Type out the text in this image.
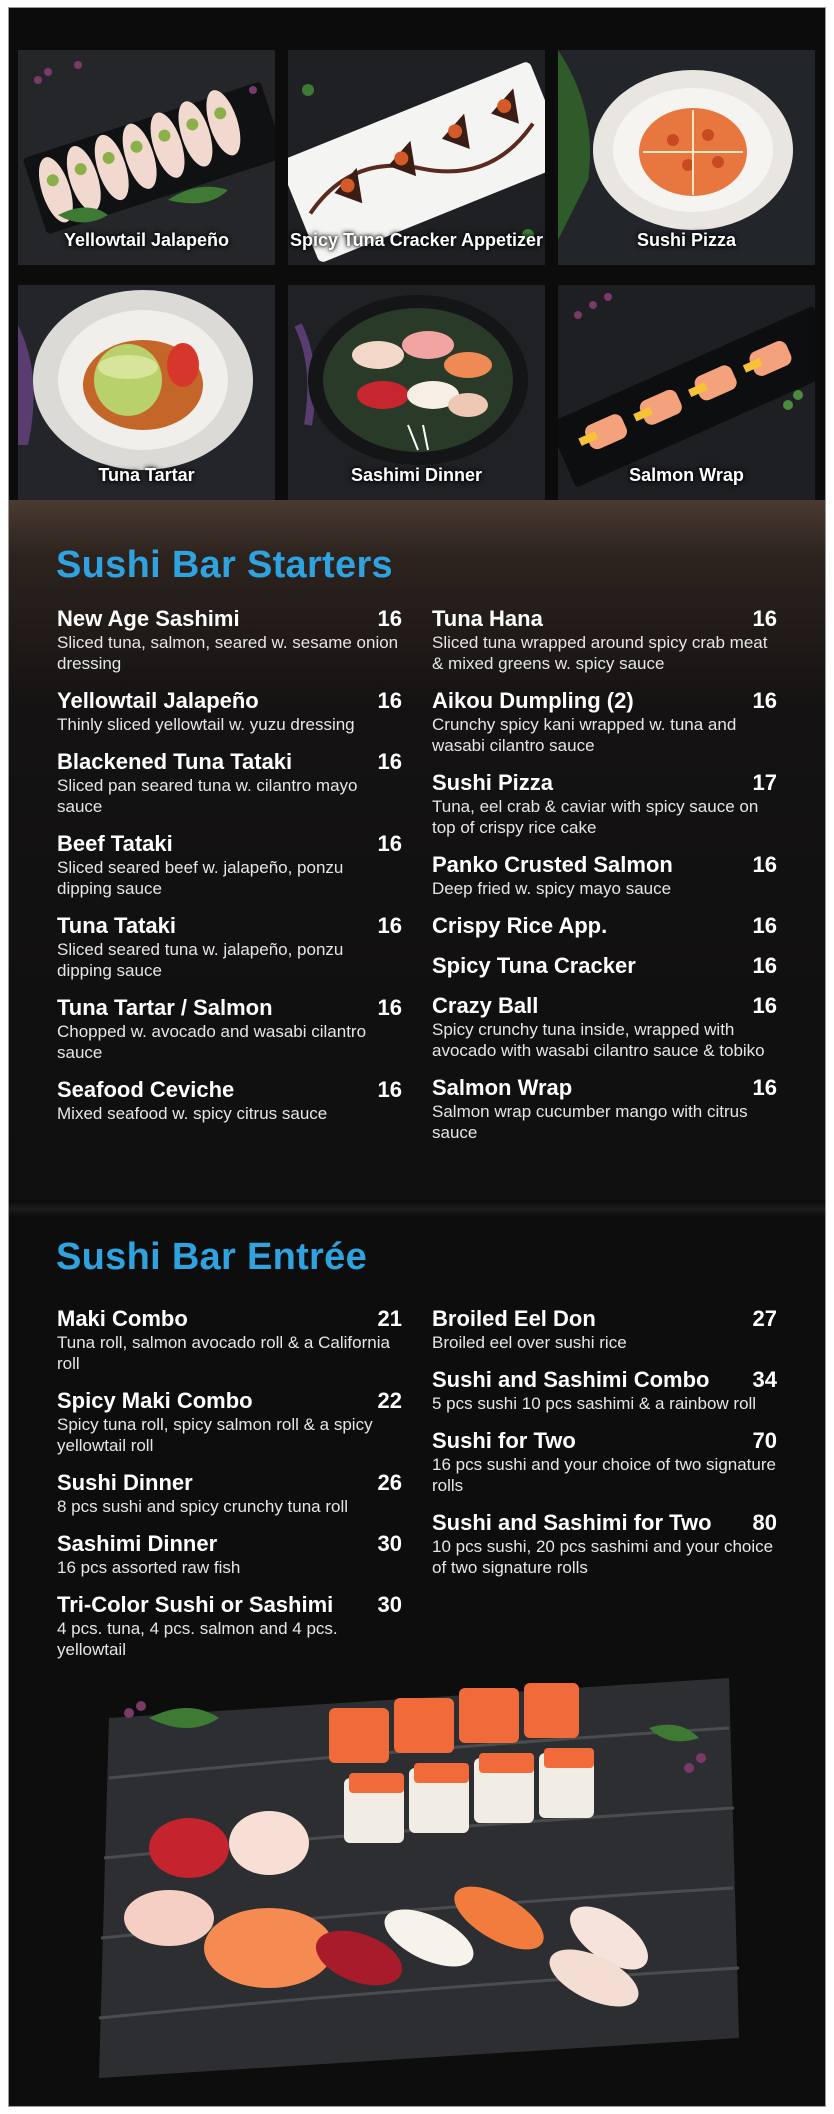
Yellowtail Jalapeño	Spicy Tuna Cracker Appetizer	Sushi Pizza
Tuna Tartar	Sashimi Dinner	Salmon Wrap
Sushi Bar Starters
New Age Sashimi	16
Sliced tuna, salmon, seared w. sesame onion dressing
Yellowtail Jalapeño	16
Thinly sliced yellowtail w. yuzu dressing
Blackened Tuna Tataki	16
Sliced pan seared tuna w. cilantro mayo sauce
Beef Tataki	16
Sliced seared beef w. jalapeño, ponzu dipping sauce
Tuna Tataki	16
Sliced seared tuna w. jalapeño, ponzu dipping sauce
Tuna Tartar / Salmon	16
Chopped w. avocado and wasabi cilantro sauce
Seafood Ceviche	16
Mixed seafood w. spicy citrus sauce
Tuna Hana	16
Sliced tuna wrapped around spicy crab meat & mixed greens w. spicy sauce
Aikou Dumpling (2)	16
Crunchy spicy kani wrapped w. tuna and wasabi cilantro sauce
Sushi Pizza	17
Tuna, eel crab & caviar with spicy sauce on top of crispy rice cake
Panko Crusted Salmon	16
Deep fried w. spicy mayo sauce
Crispy Rice App.	16
Spicy Tuna Cracker	16
Crazy Ball	16
Spicy crunchy tuna inside, wrapped with avocado with wasabi cilantro sauce & tobiko
Salmon Wrap	16
Salmon wrap cucumber mango with citrus sauce
Sushi Bar Entrée
Maki Combo	21
Tuna roll, salmon avocado roll & a California roll
Spicy Maki Combo	22
Spicy tuna roll, spicy salmon roll & a spicy yellowtail roll
Sushi Dinner	26
8 pcs sushi and spicy crunchy tuna roll
Sashimi Dinner	30
16 pcs assorted raw fish
Tri-Color Sushi or Sashimi 30
4 pcs. tuna, 4 pcs. salmon and 4 pcs. yellowtail
Broiled Eel Don	27
Broiled eel over sushi rice
Sushi and Sashimi Combo 34
5 pcs sushi 10 pcs sashimi & a rainbow roll
Sushi for Two	70
16 pcs sushi and your choice of two signature rolls
Sushi and Sashimi for Two 80
10 pcs sushi, 20 pcs sashimi and your choice of two signature rolls
